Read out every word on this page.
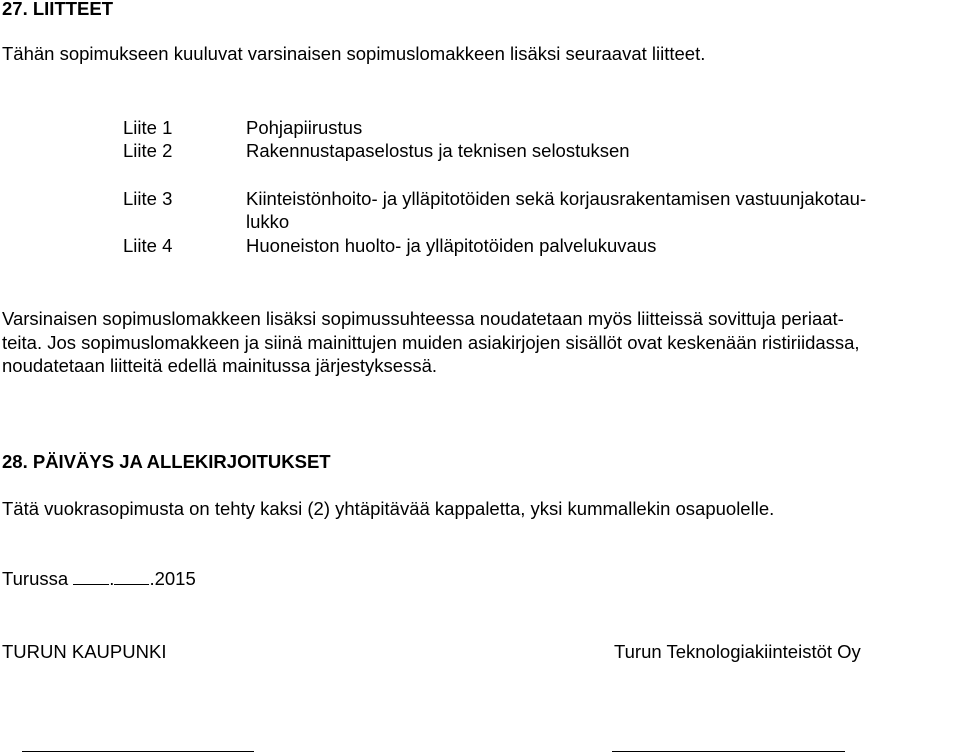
27. LIITTEET
Tähän sopimukseen kuuluvat varsinaisen sopimuslomakkeen lisäksi seuraavat liitteet.
Liite 1	Pohjapiirustus
Liite 2	Rakennustapaselostus ja teknisen selostuksen
Liite 3	Kiinteistönhoito- ja ylläpitotöiden sekä korjausrakentamisen vastuunjakotau-
lukko
Liite 4	Huoneiston huolto- ja ylläpitotöiden palvelukuvaus
Varsinaisen sopimuslomakkeen lisäksi sopimussuhteessa noudatetaan myös liitteissä sovittuja periaat-
teita. Jos sopimuslomakkeen ja siinä mainittujen muiden asiakirjojen sisällöt ovat keskenään ristiriidassa,
noudatetaan liitteitä edellä mainitussa järjestyksessä.
28. PÄIVÄYS JA ALLEKIRJOITUKSET
Tätä vuokrasopimusta on tehty kaksi (2) yhtäpitävää kappaletta, yksi kummallekin osapuolelle.
Turussa . .2015
TURUN KAUPUNKI	Turun Teknologiakiinteistöt Oy
